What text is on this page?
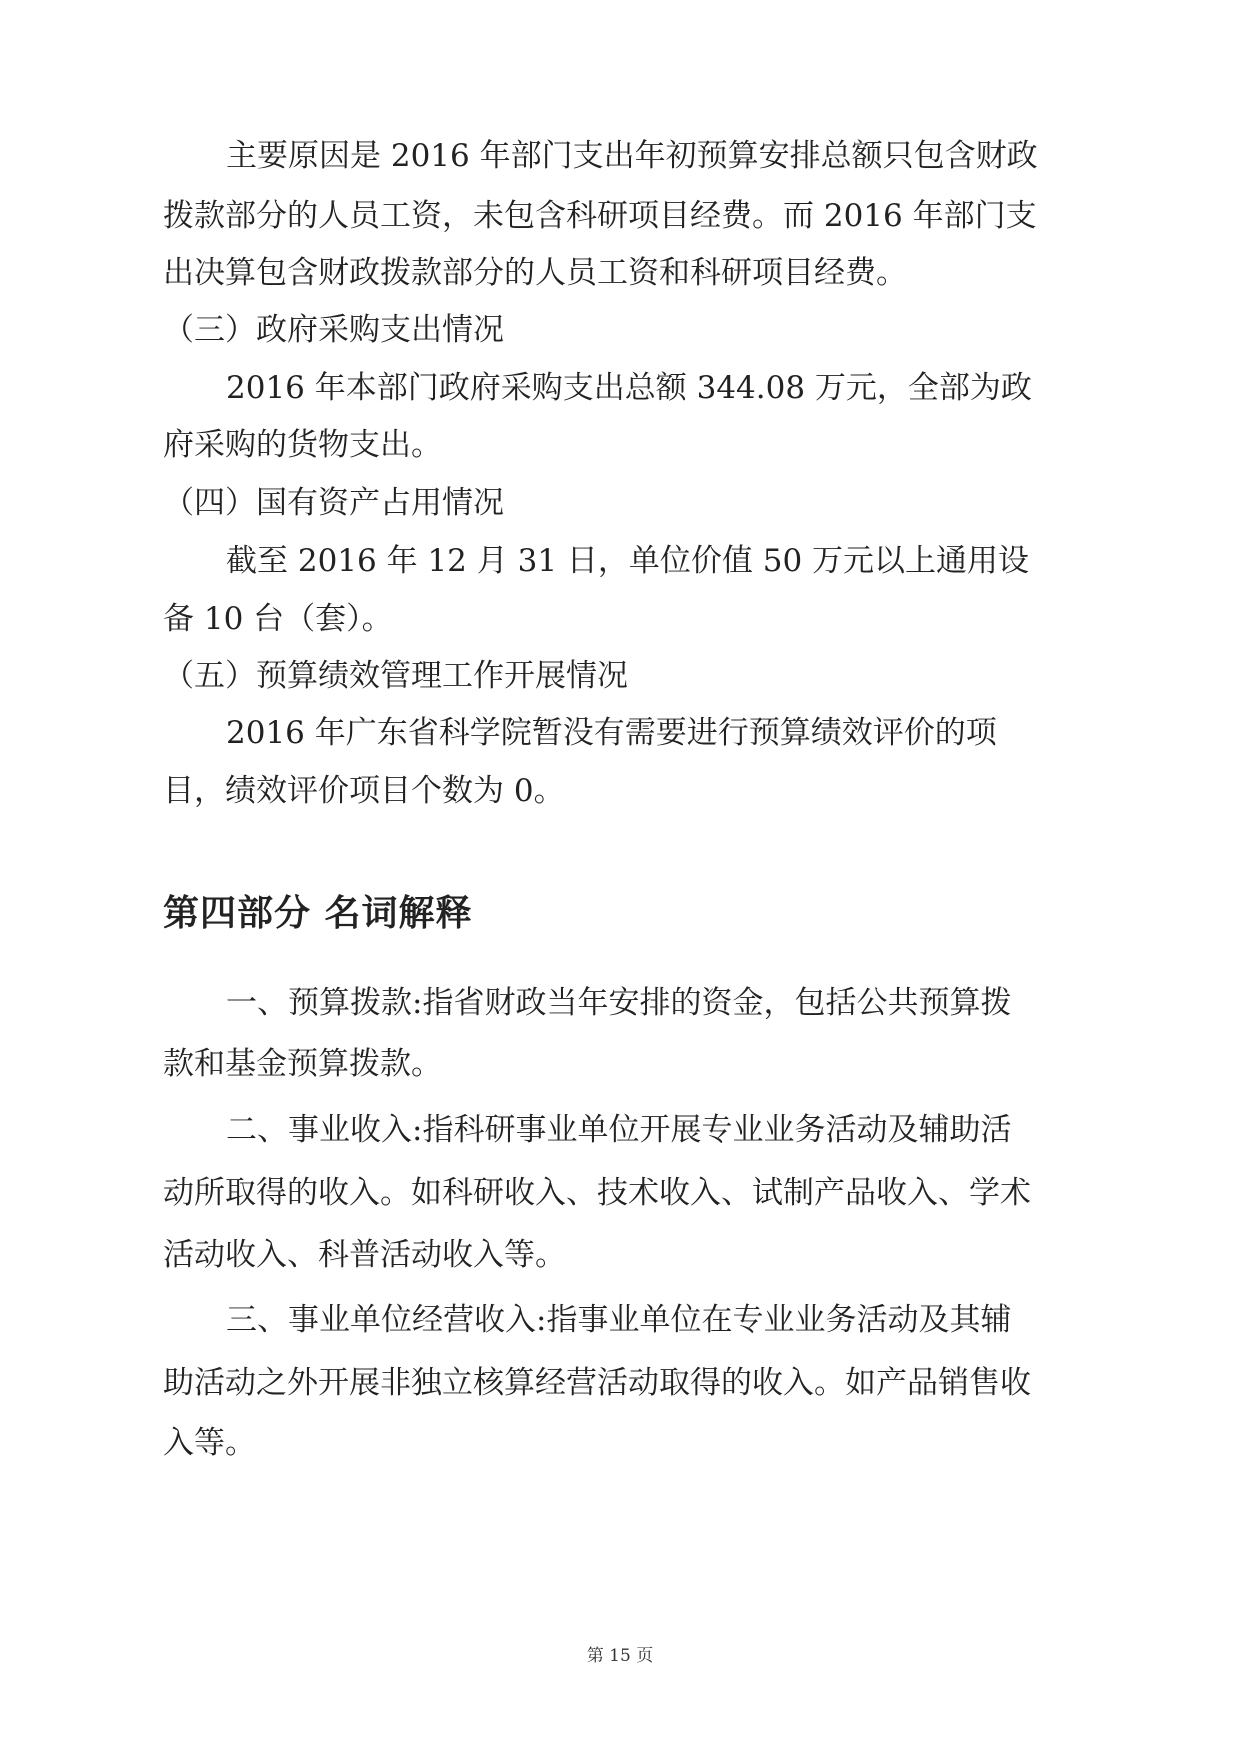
主要原因是 2016 年部门支出年初预算安排总额只包含财政
拨款部分的人员工资，未包含科研项目经费。而 2016 年部门支
出决算包含财政拨款部分的人员工资和科研项目经费。
（三）政府采购支出情况
2016 年本部门政府采购支出总额 344.08 万元，全部为政
府采购的货物支出。
（四）国有资产占用情况
截至 2016 年 12 月 31 日，单位价值 50 万元以上通用设
备 10 台（套）。
（五）预算绩效管理工作开展情况
2016 年广东省科学院暂没有需要进行预算绩效评价的项
目，绩效评价项目个数为 0。
第四部分 名词解释
一、预算拨款:指省财政当年安排的资金，包括公共预算拨
款和基金预算拨款。
二、事业收入:指科研事业单位开展专业业务活动及辅助活
动所取得的收入。如科研收入、技术收入、试制产品收入、学术
活动收入、科普活动收入等。
三、事业单位经营收入:指事业单位在专业业务活动及其辅
助活动之外开展非独立核算经营活动取得的收入。如产品销售收
入等。
第 15 页
